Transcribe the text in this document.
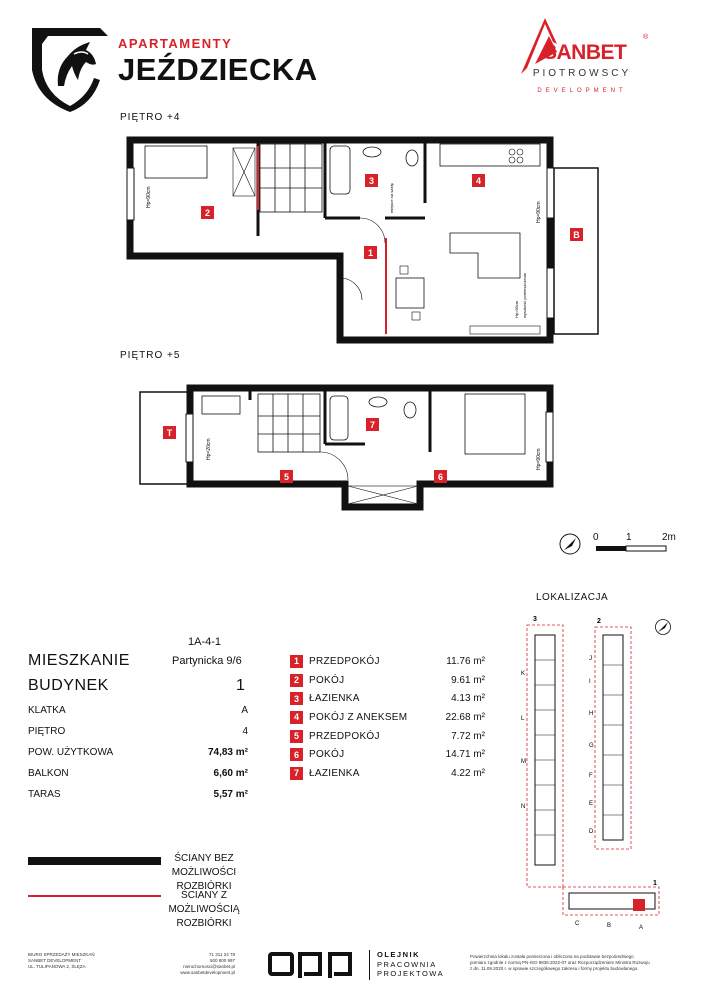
APARTAMENTY
JEŹDZIECKA	SANBET
®
PIOTROWSCY
DEVELOPMENT
PIĘTRO +4
PIĘTRO +5
2
3	4
1
B
Hp=90cm
Hp=90cm
miejsce na szafę
Hp=90cm wysokość pomieszczenia
T
5
7
6
Hp=20cm	Hp=90cm
0	1	2m
1A-4-1
MIESZKANIE	Partynicka 9/6
BUDYNEK	1
KLATKA	A
PIĘTRO	4
POW. UŻYTKOWA	74,83 m²
BALKON	6,60 m²
TARAS	5,57 m²
1	PRZEDPOKÓJ	11.76 m²
2	POKÓJ	9.61 m²
3	ŁAZIENKA	4.13 m²
4	POKÓJ Z ANEKSEM	22.68 m²
5	PRZEDPOKÓJ	7.72 m²
6	POKÓJ	14.71 m²
7	ŁAZIENKA	4.22 m²
LOKALIZACJA
3	2
1
K
L
M
N
J
I
H
G
F
E
D
C	B	A
ŚCIANY BEZ
MOŻLIWOŚCI ROZBIÓRKI
ŚCIANY Z
MOŻLIWOŚCIĄ ROZBIÓRKI
BIURO SPRZEDAŻY MIESZKAŃ
SANBET DEVELOPMENT
UL. TULIPANOWA 2, ŚLĘZA
71 311 24 78
500 800 997
nieruchomosci@sanbet.pl
www.sanbetdevelopment.pl
OLEJNIK
PRACOWNIA
PROJEKTOWA
Powierzchnia lokalu została pomierzona i obliczona na podstawie bezpośredniego
pomiaru zgodnie z normą PN-ISO 9836:2022-07 oraz Rozporządzeniem Ministra Rozwoju
z dn. 11.09.2020 r. w sprawie szczegółowego zakresu i formy projektu budowlanego.
